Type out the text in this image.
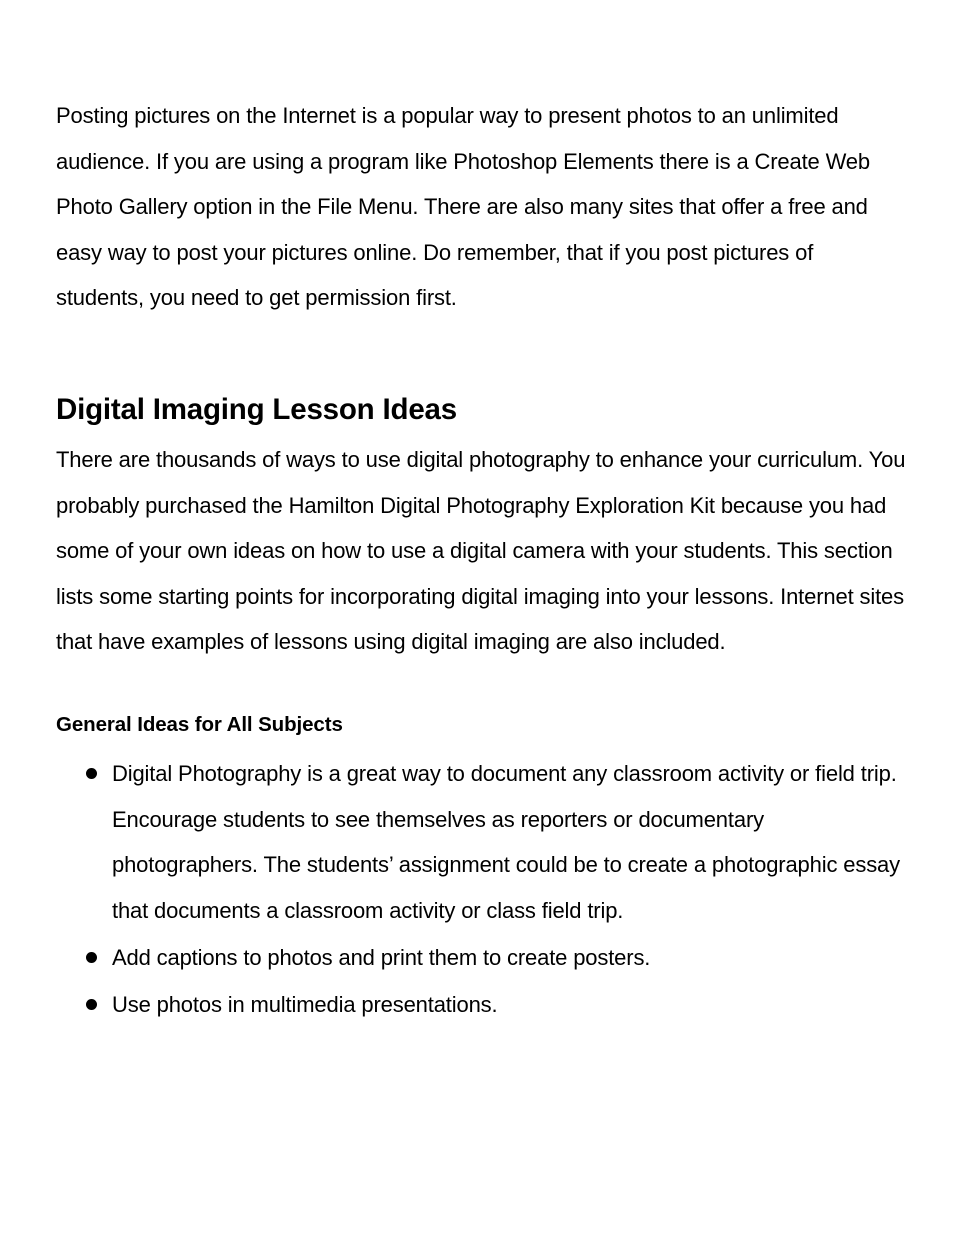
Posting pictures on the Internet is a popular way to present photos to an unlimited audience. If you are using a program like Photoshop Elements there is a Create Web Photo Gallery option in the File Menu. There are also many sites that offer a free and easy way to post your pictures online. Do remember, that if you post pictures of students, you need to get permission first.

Digital Imaging Lesson Ideas

There are thousands of ways to use digital photography to enhance your curriculum. You probably purchased the Hamilton Digital Photography Exploration Kit because you had some of your own ideas on how to use a digital camera with your students. This section lists some starting points for incorporating digital imaging into your lessons. Internet sites that have examples of lessons using digital imaging are also included.

General Ideas for All Subjects
Digital Photography is a great way to document any classroom activity or field trip. Encourage students to see themselves as reporters or documentary photographers. The students’ assignment could be to create a photographic essay that documents a classroom activity or class field trip.
Add captions to photos and print them to create posters.
Use photos in multimedia presentations.
